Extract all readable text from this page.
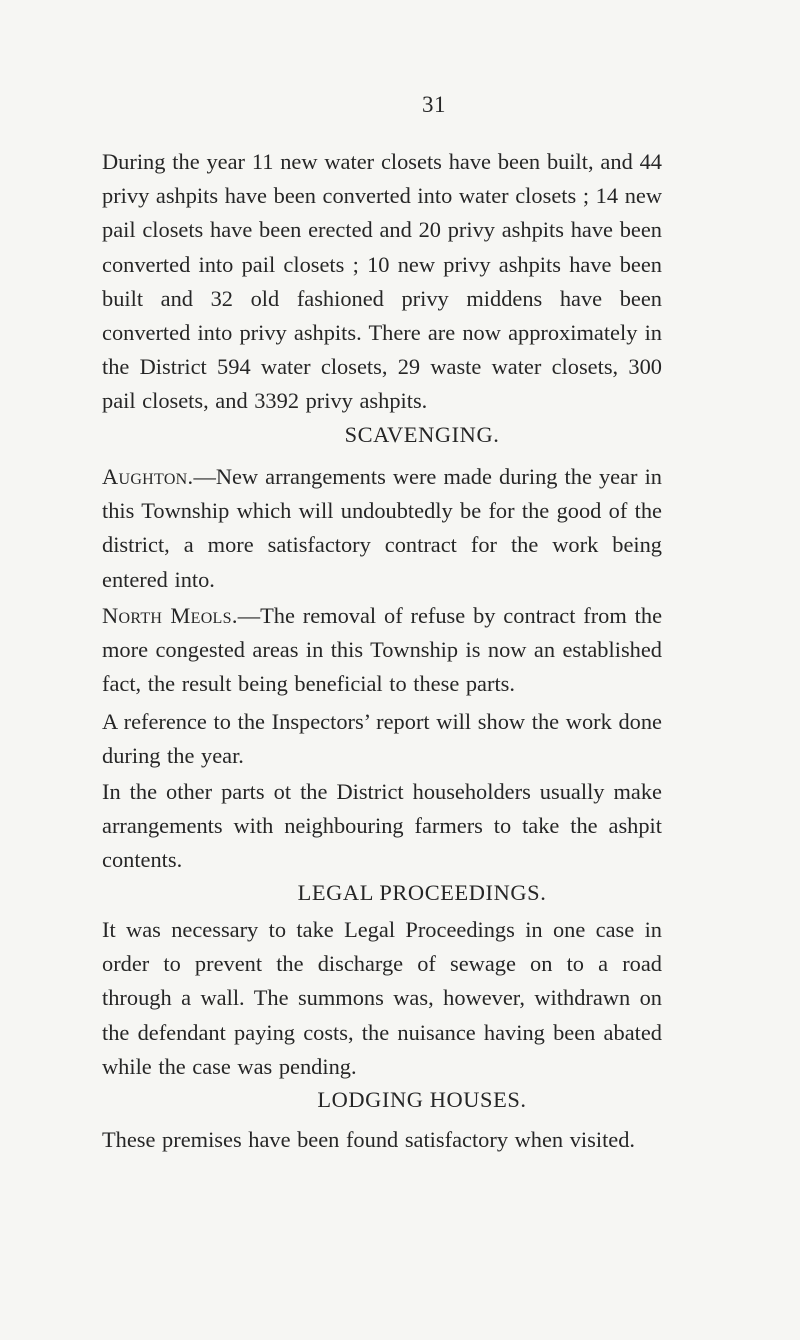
31

During the year 11 new water closets have been built, and 44 privy ashpits have been converted into water closets ; 14 new pail closets have been erected and 20 privy ashpits have been converted into pail closets ; 10 new privy ashpits have been built and 32 old fashioned privy middens have been converted into privy ashpits. There are now approximately in the District 594 water closets, 29 waste water closets, 300 pail closets, and 3392 privy ashpits.

SCAVENGING.

Aughton.—New arrangements were made during the year in this Township which will undoubtedly be for the good of the district, a more satisfactory contract for the work being entered into.

North Meols.—The removal of refuse by contract from the more congested areas in this Township is now an established fact, the result being beneficial to these parts.

A reference to the Inspectors’ report will show the work done during the year.

In the other parts ot the District householders usually make arrangements with neighbouring farmers to take the ashpit contents.

LEGAL PROCEEDINGS.

It was necessary to take Legal Proceedings in one case in order to prevent the discharge of sewage on to a road through a wall. The summons was, however, withdrawn on the defendant paying costs, the nuisance having been abated while the case was pending.

LODGING HOUSES.

These premises have been found satisfactory when visited.
